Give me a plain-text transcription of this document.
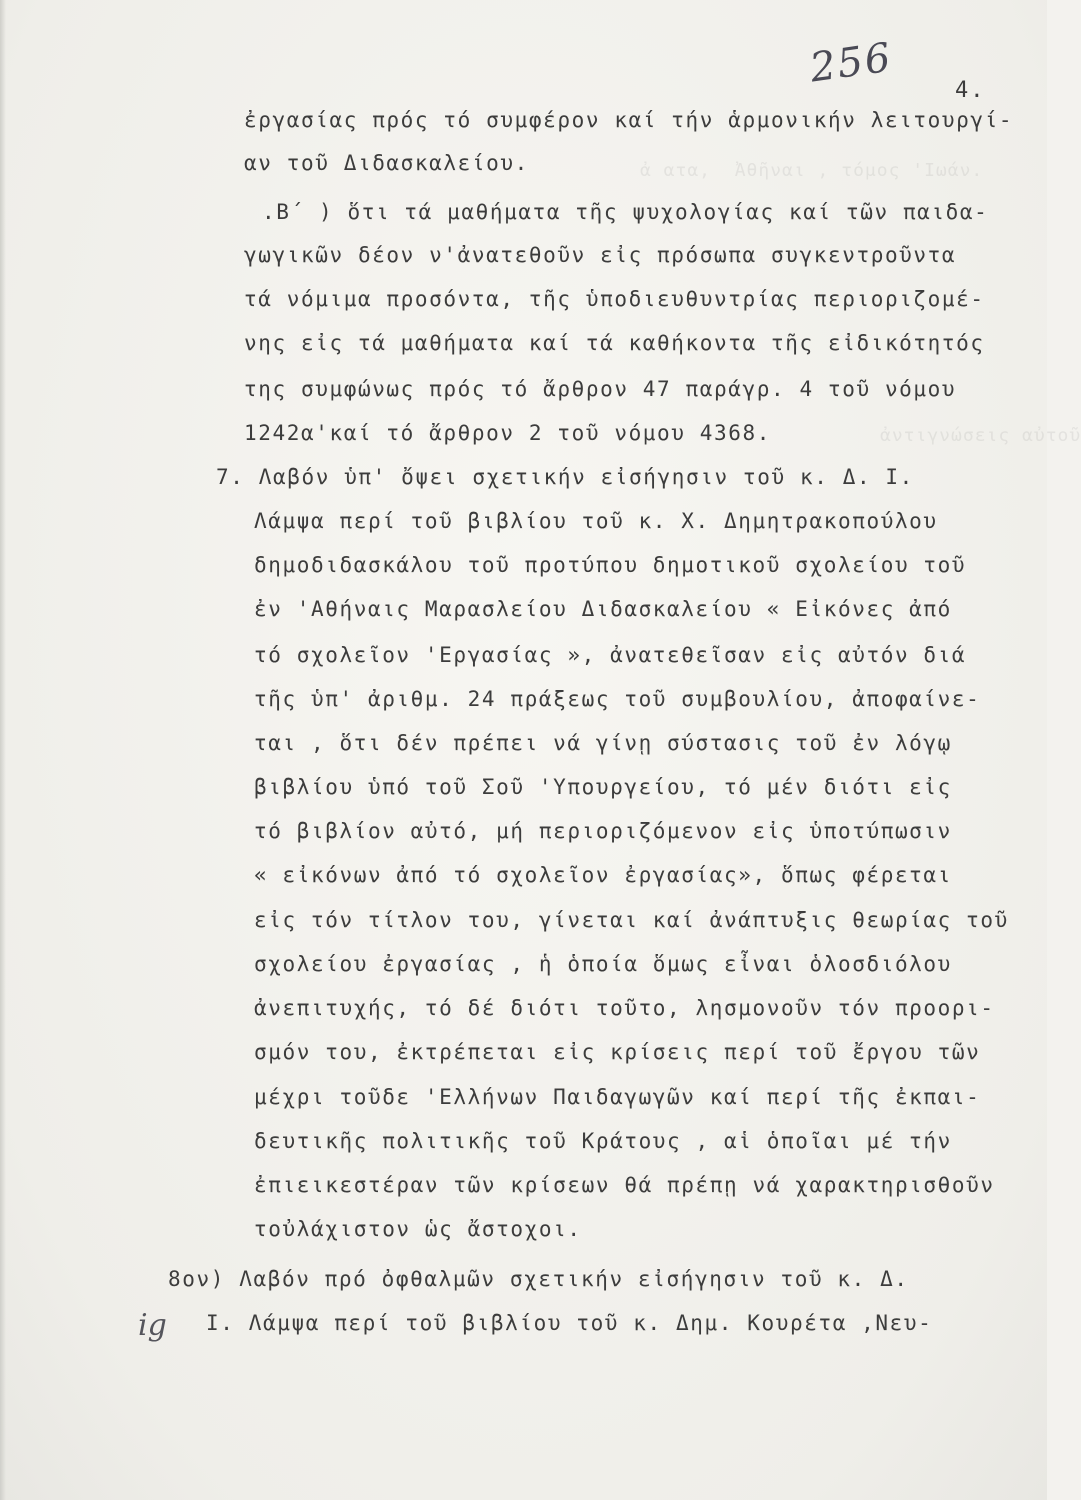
ἀ ατα,  Ἀθῆναι , τόμος 'Ιωάν.
ἀντιγνώσεις αὐτοῦ
256	4.
ἐργασίας πρός τό συμφέρον καί τήν ἁρμονικήν λειτουργί-
αν τοῦ Διδασκαλείου.
.Β΄ ) ὅτι τά μαθήματα τῆς ψυχολογίας καί τῶν παιδα-
γωγικῶν δέον ν'ἀνατεθοῦν εἰς πρόσωπα συγκεντροῦντα
τά νόμιμα προσόντα, τῆς ὑποδιευθυντρίας περιοριζομέ-
νης εἰς τά μαθήματα καί τά καθήκοντα τῆς εἰδικότητός
της συμφώνως πρός τό ἄρθρον 47 παράγρ. 4 τοῦ νόμου
1242α'καί τό ἄρθρον 2 τοῦ νόμου 4368.
7. Λαβόν ὑπ' ὄψει σχετικήν εἰσήγησιν τοῦ κ. Δ. Ι.
Λάμψα περί τοῦ βιβλίου τοῦ κ. Χ. Δημητρακοπούλου
δημοδιδασκάλου τοῦ προτύπου δημοτικοῦ σχολείου τοῦ
ἐν 'Αθήναις Μαρασλείου Διδασκαλείου « Εἰκόνες ἀπό
τό σχολεῖον 'Εργασίας », ἀνατεθεῖσαν εἰς αὐτόν διά
τῆς ὑπ' ἀριθμ. 24 πράξεως τοῦ συμβουλίου, ἀποφαίνε-
ται , ὅτι δέν πρέπει νά γίνῃ σύστασις τοῦ ἐν λόγῳ
βιβλίου ὑπό τοῦ Σοῦ 'Υπουργείου, τό μέν διότι εἰς
τό βιβλίον αὐτό, μή περιοριζόμενον εἰς ὑποτύπωσιν
« εἰκόνων ἀπό τό σχολεῖον ἐργασίας», ὅπως φέρεται
εἰς τόν τίτλον του, γίνεται καί ἀνάπτυξις θεωρίας τοῦ
σχολείου ἐργασίας , ἡ ὁποία ὅμως εἶναι ὁλοσδιόλου
ἀνεπιτυχής, τό δέ διότι τοῦτο, λησμονοῦν τόν προορι-
σμόν του, ἐκτρέπεται εἰς κρίσεις περί τοῦ ἔργου τῶν
μέχρι τοῦδε 'Ελλήνων Παιδαγωγῶν καί περί τῆς ἐκπαι-
δευτικῆς πολιτικῆς τοῦ Κράτους , αἱ ὁποῖαι μέ τήν
ἐπιεικεστέραν τῶν κρίσεων θά πρέπῃ νά χαρακτηρισθοῦν
τοὐλάχιστον ὡς ἄστοχοι.
8ον) Λαβόν πρό ὀφθαλμῶν σχετικήν εἰσήγησιν τοῦ κ. Δ.
Ι. Λάμψα περί τοῦ βιβλίου τοῦ κ. Δημ. Κουρέτα ,Νευ-
ig
